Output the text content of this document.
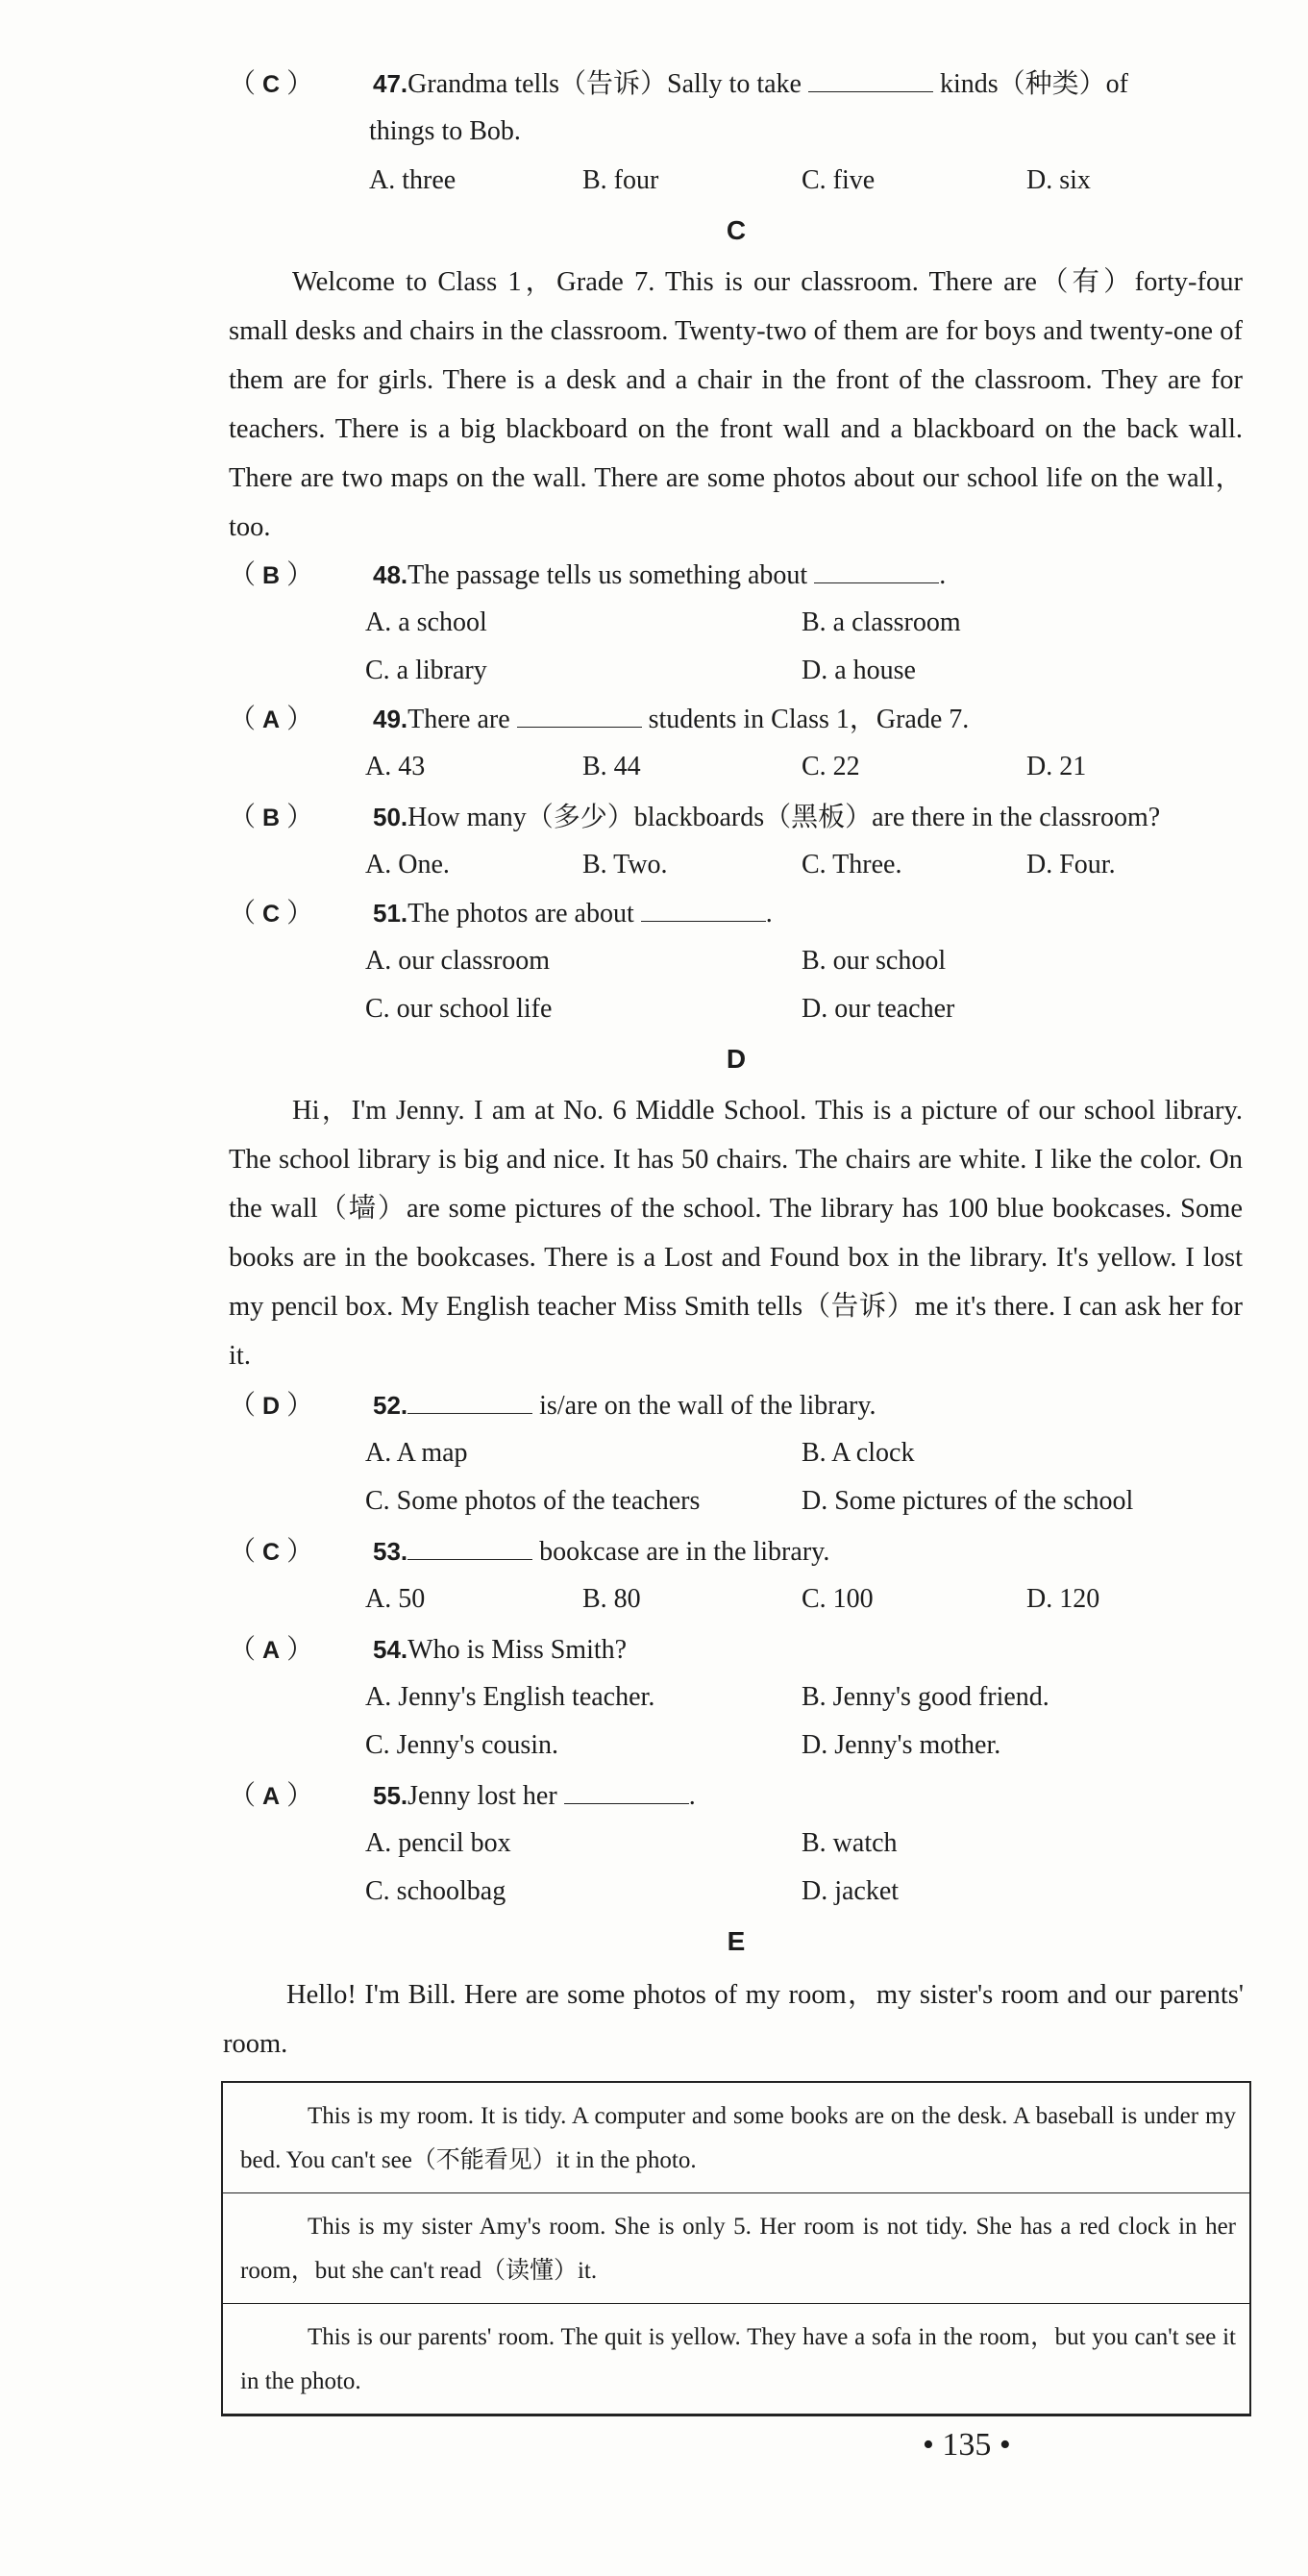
（ C ） 47.Grandma tells（告诉）Sally to take	kinds（种类）of
things to Bob.
A. three	B. four	C. five	D. six
C
Welcome to Class 1，Grade 7. This is our classroom. There are（有）forty-four small desks and chairs in the classroom. Twenty-two of them are for boys and twenty-one of them are for girls. There is a desk and a chair in the front of the classroom. They are for teachers. There is a big blackboard on the front wall and a blackboard on the back wall. There are two maps on the wall. There are some photos about our school life on the wall，too.
（ B ） 48.The passage tells us something about	.
A. a school	B. a classroom
C. a library	D. a house
（ A ） 49.There are	students in Class 1，Grade 7.
A. 43	B. 44	C. 22	D. 21
（ B ） 50.How many（多少）blackboards（黑板）are there in the classroom?
A. One.	B. Two.	C. Three.	D. Four.
（ C ） 51.The photos are about	.
A. our classroom	B. our school
C. our school life	D. our teacher
D
Hi，I'm Jenny. I am at No. 6 Middle School. This is a picture of our school library. The school library is big and nice. It has 50 chairs. The chairs are white. I like the color. On the wall（墙）are some pictures of the school. The library has 100 blue bookcases. Some books are in the bookcases. There is a Lost and Found box in the library. It's yellow. I lost my pencil box. My English teacher Miss Smith tells（告诉）me it's there. I can ask her for it.
（ D ） 52.	is/are on the wall of the library.
A. A map	B. A clock
C. Some photos of the teachers	D. Some pictures of the school
（ C ） 53.	bookcase are in the library.
A. 50	B. 80	C. 100	D. 120
（ A ） 54.Who is Miss Smith?
A. Jenny's English teacher.	B. Jenny's good friend.
C. Jenny's cousin.	D. Jenny's mother.
（ A ） 55.Jenny lost her	.
A. pencil box	B. watch
C. schoolbag	D. jacket
E
Hello! I'm Bill. Here are some photos of my room，my sister's room and our parents' room.
This is my room. It is tidy. A computer and some books are on the desk. A baseball is under my bed. You can't see（不能看见）it in the photo.
This is my sister Amy's room. She is only 5. Her room is not tidy. She has a red clock in her room，but she can't read（读懂）it.
This is our parents' room. The quit is yellow. They have a sofa in the room，but you can't see it in the photo.
• 135 •
